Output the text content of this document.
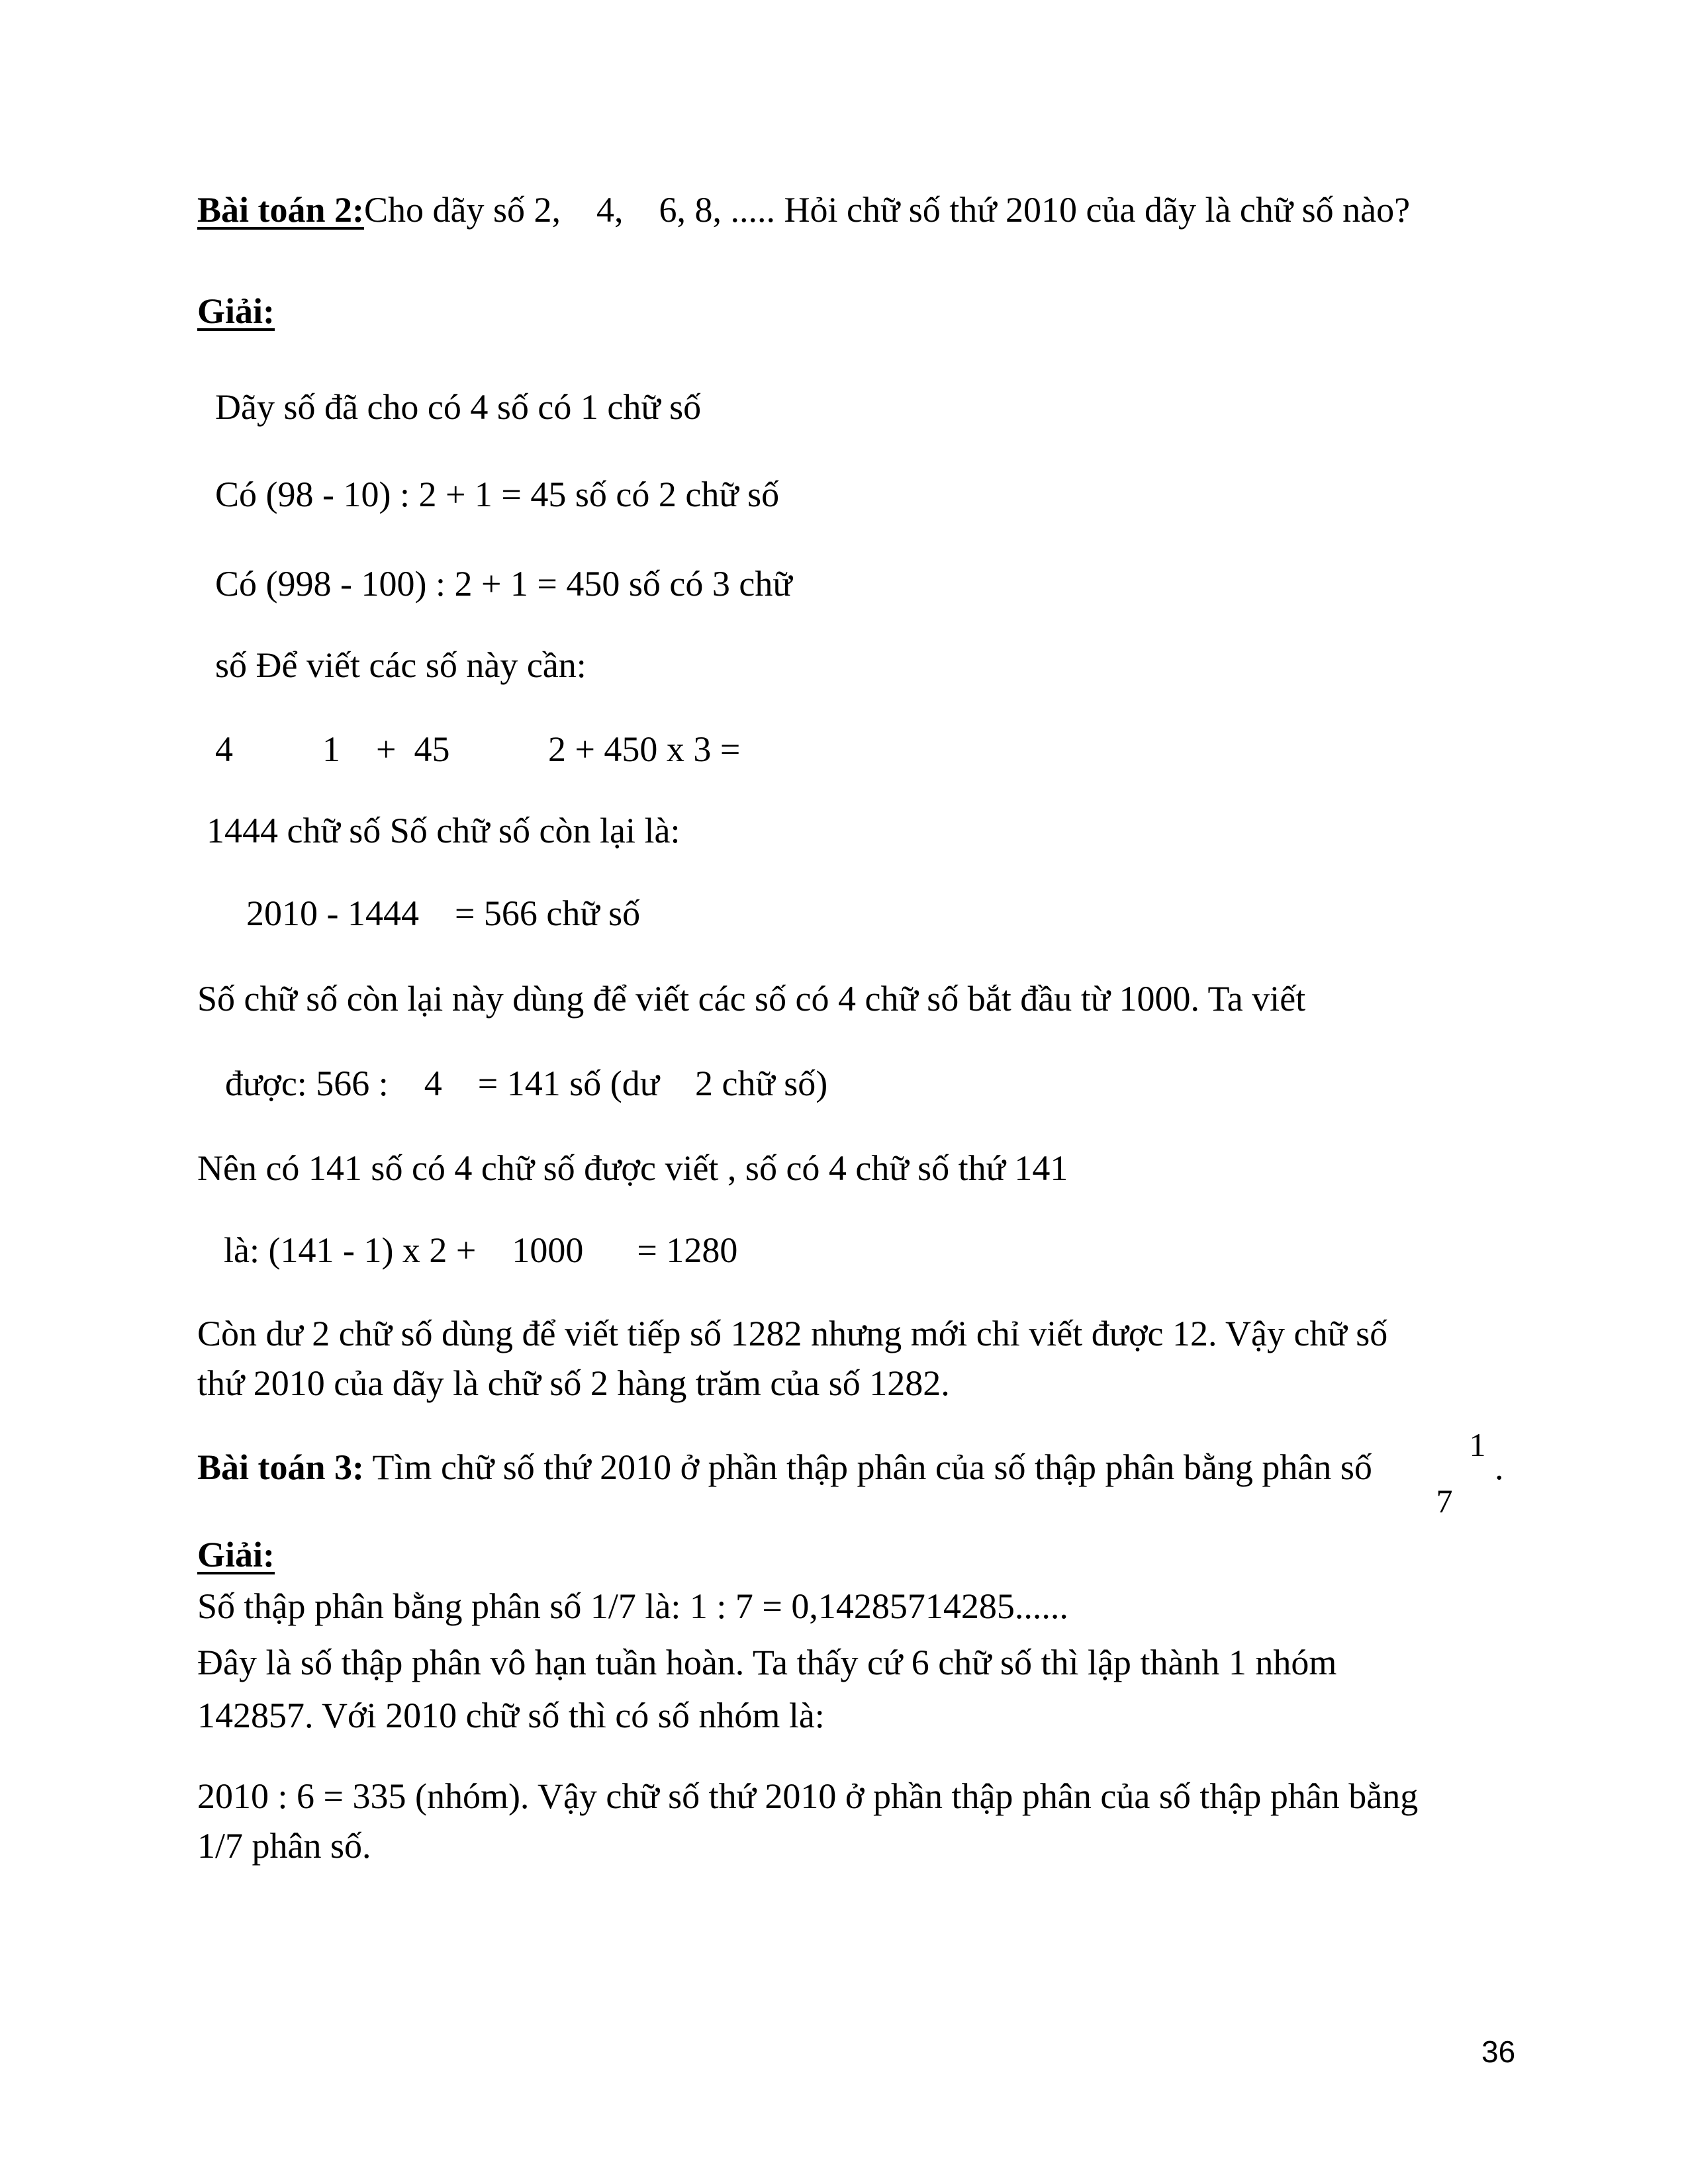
Bài toán 2:Cho dãy số 2,    4,    6, 8, ..... Hỏi chữ số thứ 2010 của dãy là chữ số nào?
Giải:
Dãy số đã cho có 4 số có 1 chữ số
Có (98 - 10) : 2 + 1 = 45 số có 2 chữ số
Có (998 - 100) : 2 + 1 = 450 số có 3 chữ
số Để viết các số này cần:
4          1    +  45           2 + 450 x 3 =
1444 chữ số Số chữ số còn lại là:
2010 - 1444    = 566 chữ số
Số chữ số còn lại này dùng để viết các số có 4 chữ số bắt đầu từ 1000. Ta viết
được: 566 :    4    = 141 số (dư    2 chữ số)
Nên có 141 số có 4 chữ số được viết , số có 4 chữ số thứ 141
là: (141 - 1) x 2 +    1000      = 1280
Còn dư 2 chữ số dùng để viết tiếp số 1282 nhưng mới chỉ viết được 12. Vậy chữ số
thứ 2010 của dãy là chữ số 2 hàng trăm của số 1282.
Bài toán 3: Tìm chữ số thứ 2010 ở phần thập phân của số thập phân bằng phân số
1
7
.
Giải:
Số thập phân bằng phân số 1/7 là: 1 : 7 = 0,14285714285......
Đây là số thập phân vô hạn tuần hoàn. Ta thấy cứ 6 chữ số thì lập thành 1 nhóm
142857. Với 2010 chữ số thì có số nhóm là:
2010 : 6 = 335 (nhóm). Vậy chữ số thứ 2010 ở phần thập phân của số thập phân bằng
1/7 phân số.
36
